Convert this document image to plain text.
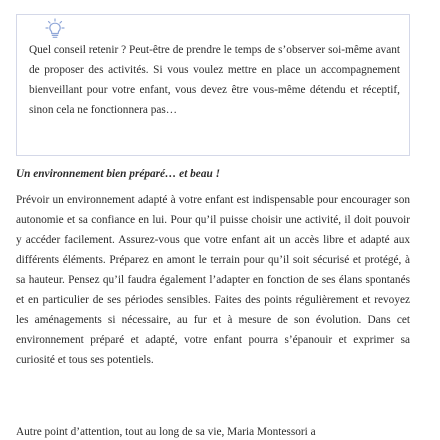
Quel conseil retenir ? Peut-être de prendre le temps de s’observer soi-même avant de proposer des activités. Si vous voulez mettre en place un accompagnement bienveillant pour votre enfant, vous devez être vous-même détendu et réceptif, sinon cela ne fonctionnera pas…

Un environnement bien préparé… et beau !

Prévoir un environnement adapté à votre enfant est indispensable pour encourager son autonomie et sa confiance en lui. Pour qu’il puisse choisir une activité, il doit pouvoir y accéder facilement. Assurez-vous que votre enfant ait un accès libre et adapté aux différents éléments. Préparez en amont le terrain pour qu’il soit sécurisé et protégé, à sa hauteur. Pensez qu’il faudra également l’adapter en fonction de ses élans spontanés et en particulier de ses périodes sensibles. Faites des points régulièrement et revoyez les aménagements si nécessaire, au fur et à mesure de son évolution. Dans cet environnement préparé et adapté, votre enfant pourra s’épanouir et exprimer sa curiosité et tous ses potentiels.

Autre point d’attention, tout au long de sa vie, Maria Montessori a
